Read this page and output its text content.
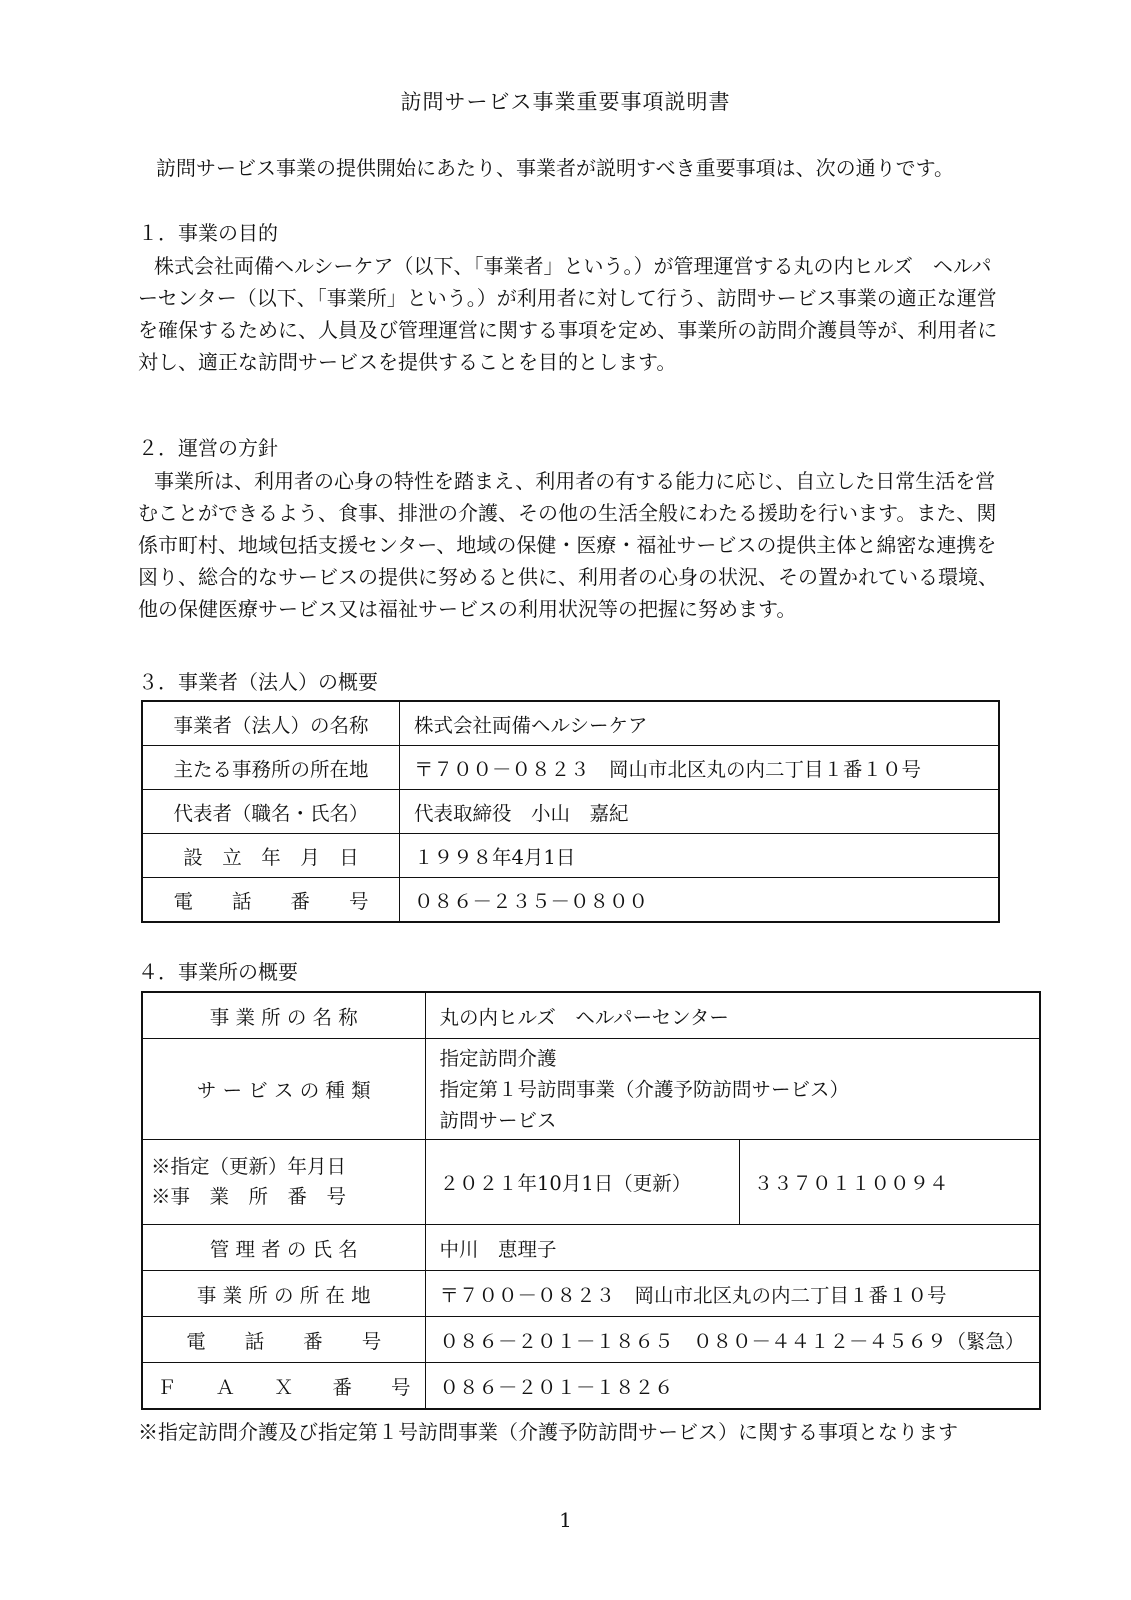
訪問サービス事業重要事項説明書
訪問サービス事業の提供開始にあたり、事業者が説明すべき重要事項は、次の通りです。
１．事業の目的
株式会社両備ヘルシーケア（以下、「事業者」という。）が管理運営する丸の内ヒルズ　ヘルパ
ーセンター（以下、「事業所」という。）が利用者に対して行う、訪問サービス事業の適正な運営
を確保するために、人員及び管理運営に関する事項を定め、事業所の訪問介護員等が、利用者に
対し、適正な訪問サービスを提供することを目的とします。
２．運営の方針
事業所は、利用者の心身の特性を踏まえ、利用者の有する能力に応じ、自立した日常生活を営
むことができるよう、食事、排泄の介護、その他の生活全般にわたる援助を行います。また、関
係市町村、地域包括支援センター、地域の保健・医療・福祉サービスの提供主体と綿密な連携を
図り、総合的なサービスの提供に努めると供に、利用者の心身の状況、その置かれている環境、
他の保健医療サービス又は福祉サービスの利用状況等の把握に努めます。
３．事業者（法人）の概要
事業者（法人）の名称	株式会社両備ヘルシーケア
主たる事務所の所在地	〒７００－０８２３　岡山市北区丸の内二丁目１番１０号
代表者（職名・氏名）	代表取締役　小山　嘉紀
設　立　年　月　日	１９９８年4月1日
電　　話　　番　　号	０８６－２３５－０８００
４．事業所の概要
事 業 所 の 名 称	丸の内ヒルズ　ヘルパーセンター	
サ ー ビ ス の 種 類	指定訪問介護
指定第１号訪問事業（介護予防訪問サービス）
訪問サービス	

※指定（更新）年月日
※事　業　所　番　号	２０２１年10月1日（更新）	３３７０１１００９４
管 理 者 の 氏 名	中川　恵理子	
事 業 所 の 所 在 地	〒７００－０８２３　岡山市北区丸の内二丁目１番１０号	
電　　話　　番　　号	０８６－２０１－１８６５　０８０－４４１２－４５６９（緊急）	
Ｆ　　Ａ　　Ｘ　　番　　号	０８６－２０１－１８２６	
※指定訪問介護及び指定第１号訪問事業（介護予防訪問サービス）に関する事項となります
1
